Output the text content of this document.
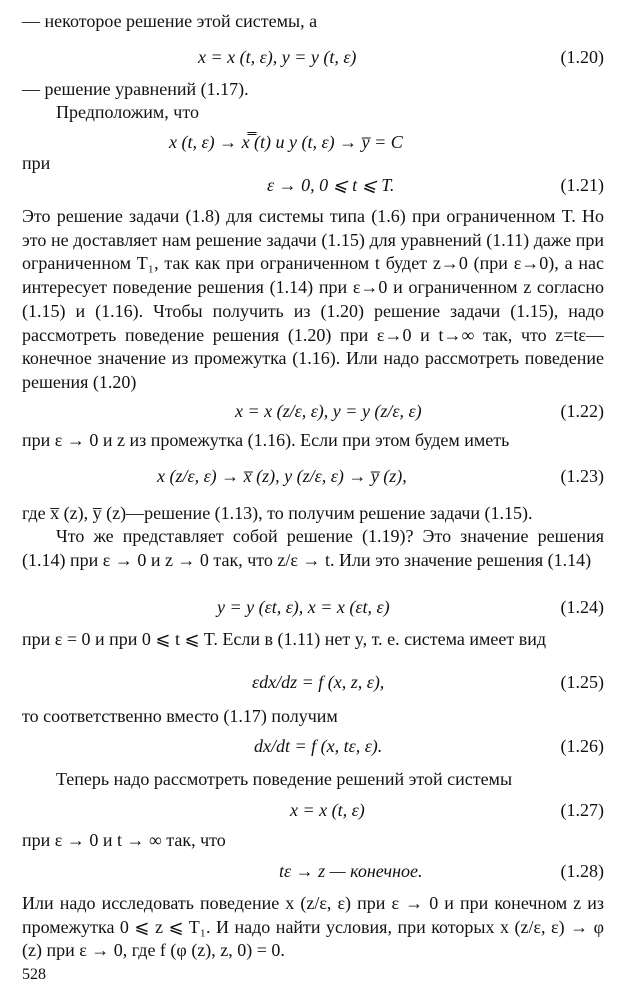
— некоторое решение этой системы, а

x = x (t, ε), y = y (t, ε)	(1.20)

— решение уравнений (1.17).

Предположим, что

x (t, ε) → x̿ (t) и y (t, ε) → y̅ = C

при

ε → 0, 0 ⩽ t ⩽ T.	(1.21)

Это решение задачи (1.8) для системы типа (1.6) при ограниченном T. Но это не доставляет нам решение задачи (1.15) для уравнений (1.11) даже при ограниченном T₁, так как при ограниченном t будет z→0 (при ε→0), а нас интересует поведение решения (1.14) при ε→0 и ограниченном z согласно (1.15) и (1.16). Чтобы получить из (1.20) решение задачи (1.15), надо рассмотреть поведение решения (1.20) при ε→0 и t→∞ так, что z=tε—конечное значение из промежутка (1.16). Или надо рассмотреть поведение решения (1.20)

x = x (z/ε, ε), y = y (z/ε, ε)	(1.22)

при ε → 0 и z из промежутка (1.16). Если при этом будем иметь

x (z/ε, ε) → x̅ (z), y (z/ε, ε) → y̅ (z),	(1.23)

где x̅ (z), y̅ (z)—решение (1.13), то получим решение задачи (1.15).

Что же представляет собой решение (1.19)? Это значение решения (1.14) при ε → 0 и z → 0 так, что z/ε → t. Или это значение решения (1.14)

y = y (εt, ε), x = x (εt, ε)	(1.24)

при ε = 0 и при 0 ⩽ t ⩽ T. Если в (1.11) нет y, т. е. система имеет вид

εdx/dz = f (x, z, ε),	(1.25)

то соответственно вместо (1.17) получим

dx/dt = f (x, tε, ε).	(1.26)

Теперь надо рассмотреть поведение решений этой системы

x = x (t, ε)	(1.27)

при ε → 0 и t → ∞ так, что

tε → z — конечное.	(1.28)

Или надо исследовать поведение x (z/ε, ε) при ε → 0 и при конечном z из промежутка 0 ⩽ z ⩽ T₁. И надо найти условия, при которых x (z/ε, ε) → φ (z) при ε → 0, где f (φ (z), z, 0) = 0.

528
